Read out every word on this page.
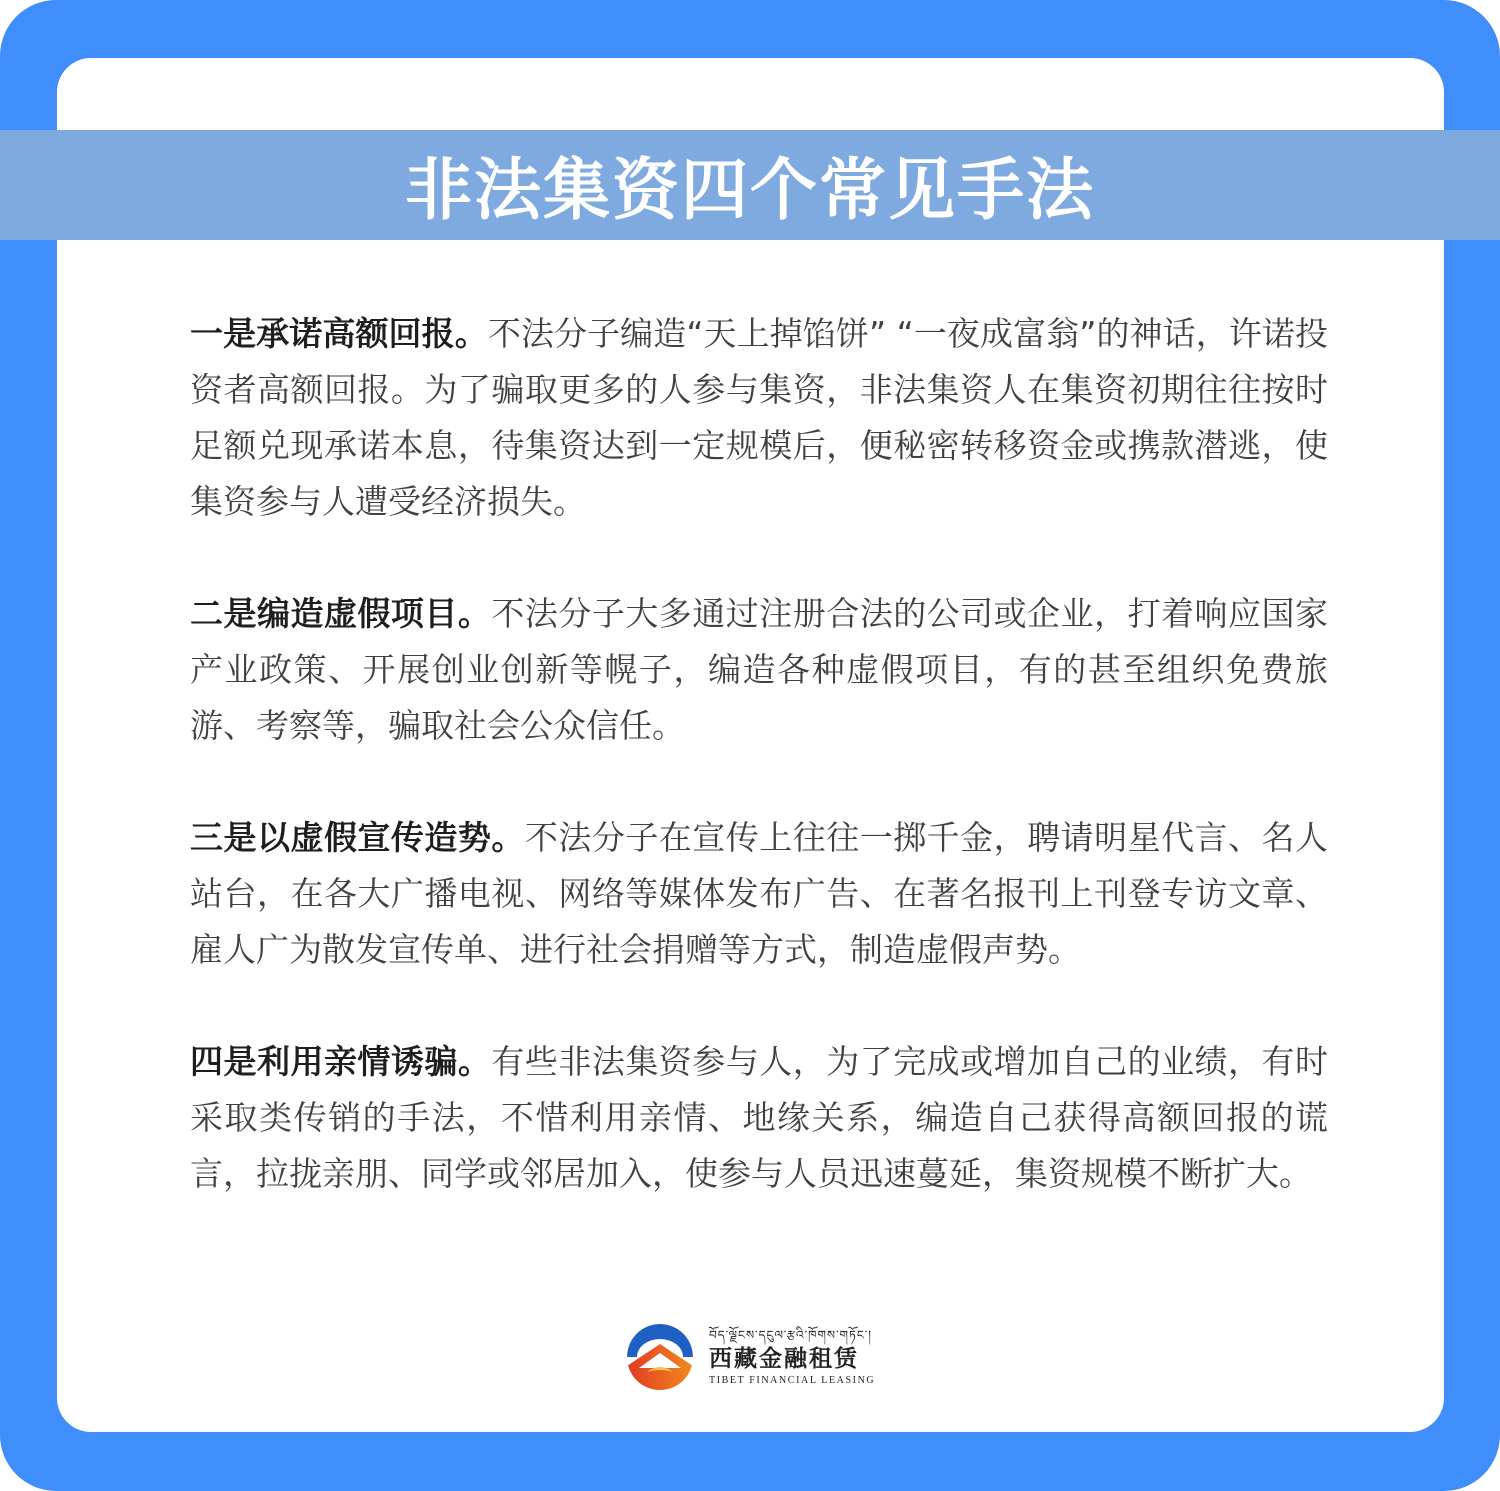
非法集资四个常见手法

一是承诺高额回报。不法分子编造“天上掉馅饼” “一夜成富翁”的神话，许诺投资者高额回报。为了骗取更多的人参与集资，非法集资人在集资初期往往按时足额兑现承诺本息，待集资达到一定规模后，便秘密转移资金或携款潜逃，使集资参与人遭受经济损失。

二是编造虚假项目。不法分子大多通过注册合法的公司或企业，打着响应国家产业政策、开展创业创新等幌子，编造各种虚假项目，有的甚至组织免费旅游、考察等，骗取社会公众信任。

三是以虚假宣传造势。不法分子在宣传上往往一掷千金，聘请明星代言、名人站台，在各大广播电视、网络等媒体发布广告、在著名报刊上刊登专访文章、雇人广为散发宣传单、进行社会捐赠等方式，制造虚假声势。

四是利用亲情诱骗。有些非法集资参与人，为了完成或增加自己的业绩，有时采取类传销的手法，不惜利用亲情、地缘关系，编造自己获得高额回报的谎言，拉拢亲朋、同学或邻居加入，使参与人员迅速蔓延，集资规模不断扩大。

བོད་ལྗོངས་དངུལ་རྩའི་ཁོགས་གཏོང་།
西藏金融租赁
TIBET FINANCIAL LEASING
